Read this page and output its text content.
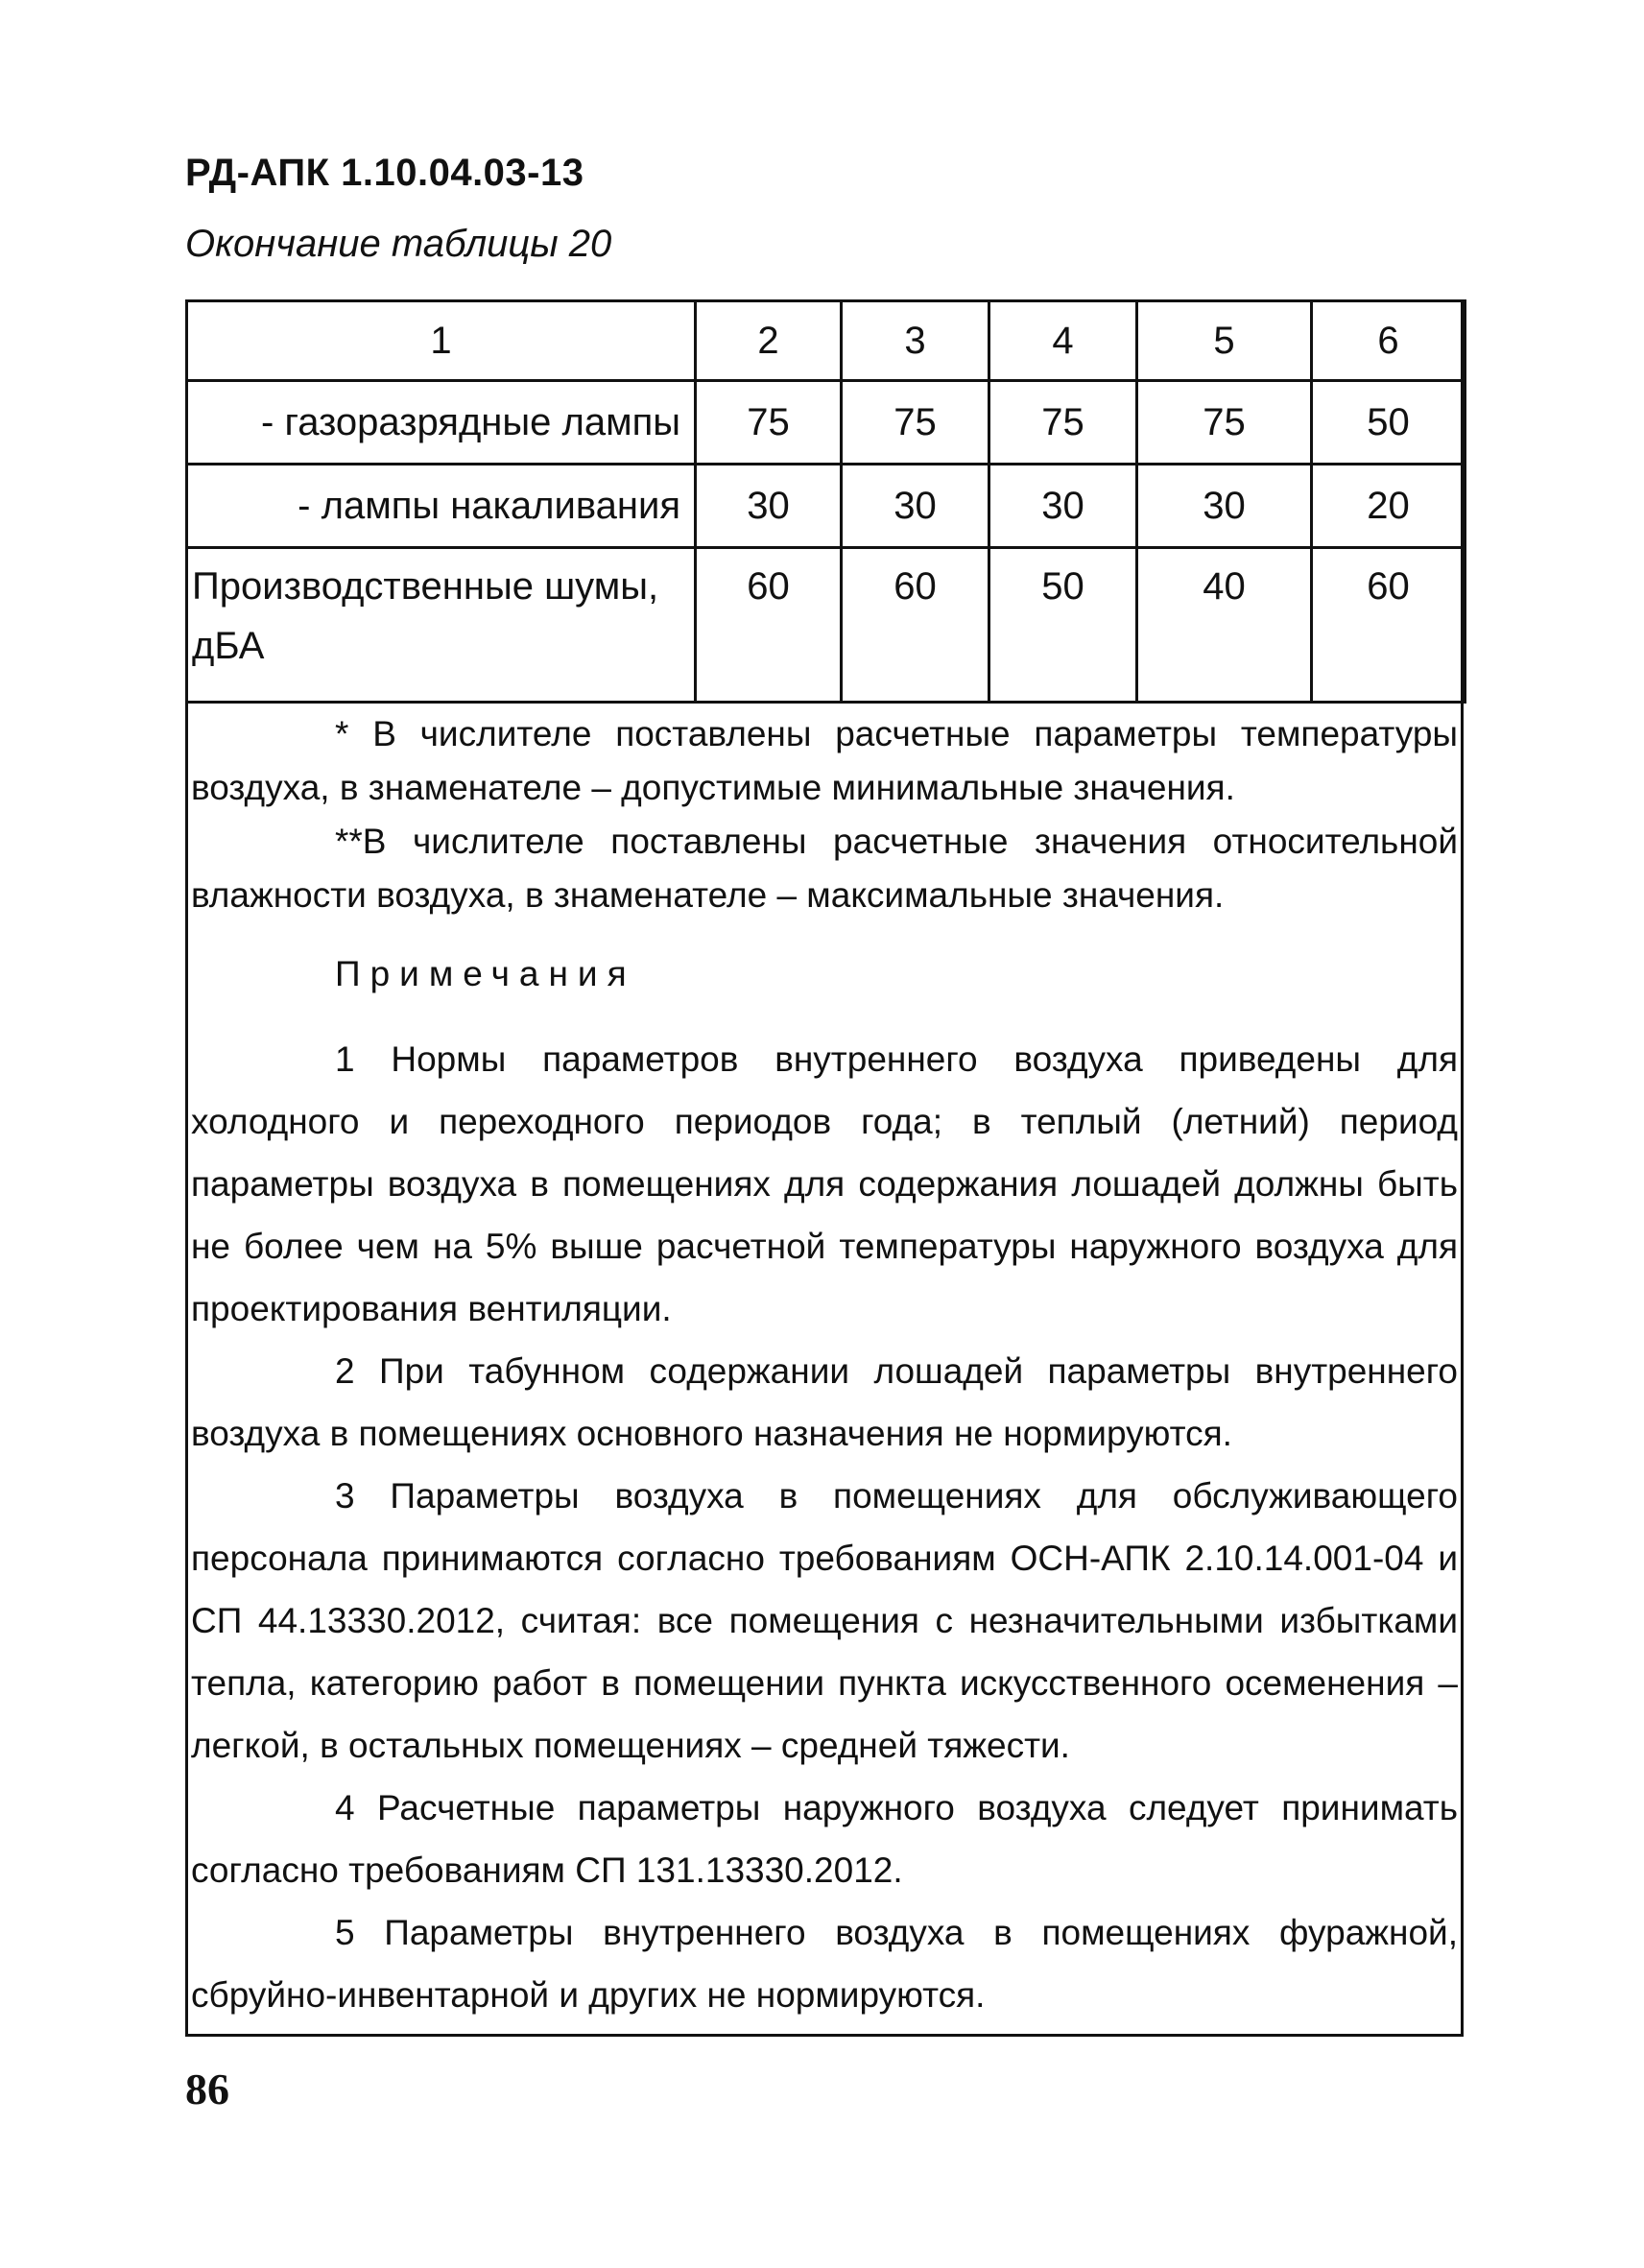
РД-АПК 1.10.04.03-13
Окончание таблицы 20
1	2	3	4	5	6
- газоразрядные лампы	75	75	75	75	50
- лампы накаливания	30	30	30	30	20
Производственные шумы, дБА	60	60	50	40	60

* В числителе поставлены расчетные параметры температуры воздуха, в знаменателе – допустимые минимальные значения.

**В числителе поставлены расчетные значения относительной влажности воздуха, в знаменателе – максимальные значения.

Примечания

1 Нормы параметров внутреннего воздуха приведены для холодного и переходного периодов года; в теплый (летний) период параметры воздуха в помещениях для содержания лошадей должны быть не более чем на 5% выше расчетной температуры наружного воздуха для проектирования вентиляции.

2 При табунном содержании лошадей параметры внутреннего воздуха в помещениях основного назначения не нормируются.

3 Параметры воздуха в помещениях для обслуживающего персонала принимаются согласно требованиям ОСН-АПК 2.10.14.001-04 и СП 44.13330.2012, считая: все помещения с незначительными избытками тепла, категорию работ в помещении пункта искусственного осеменения – легкой, в остальных помещениях – средней тяжести.

4 Расчетные параметры наружного воздуха следует принимать согласно требованиям СП 131.13330.2012.

5 Параметры внутреннего воздуха в помещениях фуражной, сбруйно-инвентарной и других не нормируются.

86
